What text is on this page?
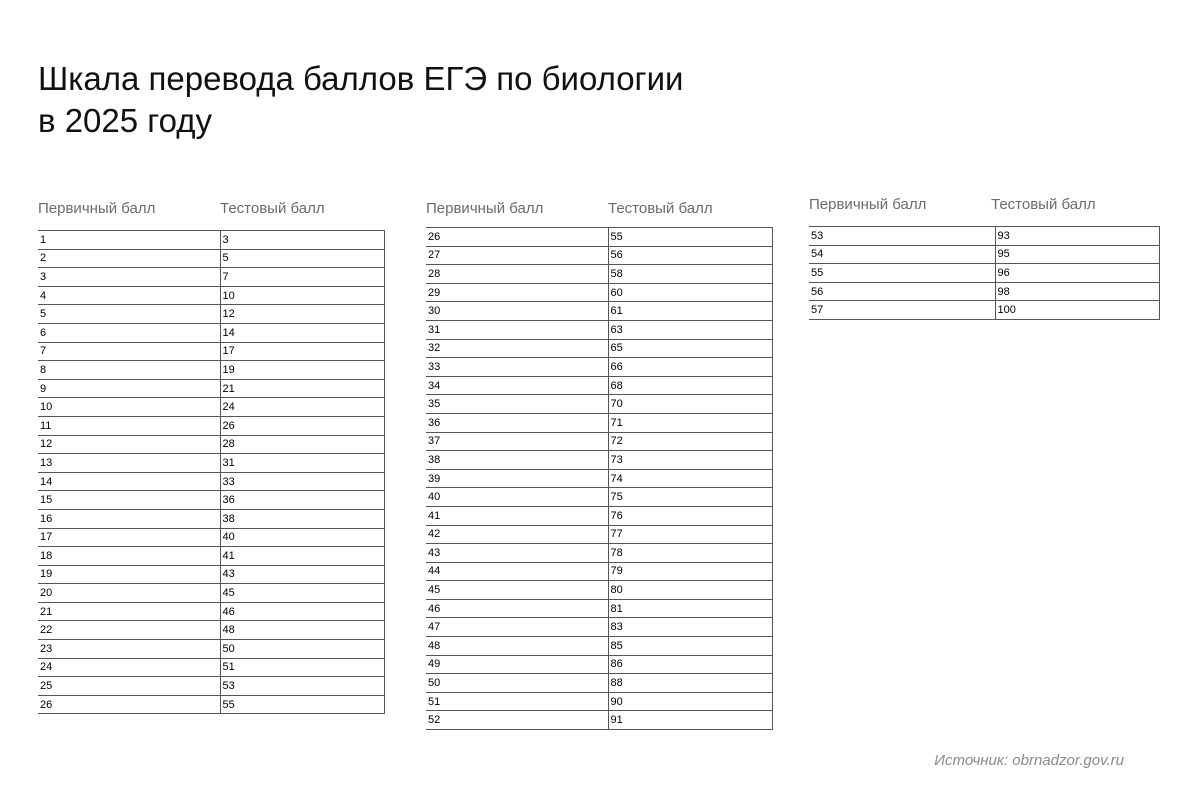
Шкала перевода баллов ЕГЭ по биологии
в 2025 году
Первичный балл	Тестовый балл
1	3
2	5
3	7
4	10
5	12
6	14
7	17
8	19
9	21
10	24
11	26
12	28
13	31
14	33
15	36
16	38
17	40
18	41
19	43
20	45
21	46
22	48
23	50
24	51
25	53
26	55
Первичный балл	Тестовый балл
26	55
27	56
28	58
29	60
30	61
31	63
32	65
33	66
34	68
35	70
36	71
37	72
38	73
39	74
40	75
41	76
42	77
43	78
44	79
45	80
46	81
47	83
48	85
49	86
50	88
51	90
52	91
Первичный балл	Тестовый балл
53	93
54	95
55	96
56	98
57	100
Источник: obrnadzor.gov.ru
